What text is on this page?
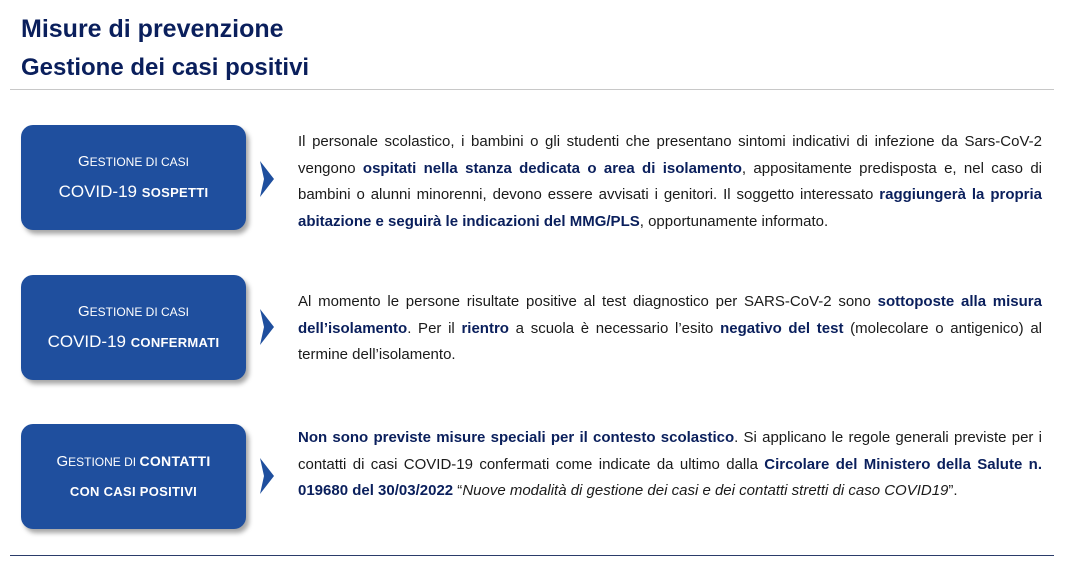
Misure di prevenzione
Gestione dei casi positivi
GESTIONE DI CASI
COVID-19 SOSPETTI
Il personale scolastico, i bambini o gli studenti che presentano sintomi indicativi di infezione da Sars-CoV-2 vengono ospitati nella stanza dedicata o area di isolamento, appositamente predisposta e, nel caso di bambini o alunni minorenni, devono essere avvisati i genitori. Il soggetto interessato raggiungerà la propria abitazione e seguirà le indicazioni del MMG/PLS, opportunamente informato.
GESTIONE DI CASI
COVID-19 CONFERMATI
Al momento le persone risultate positive al test diagnostico per SARS-CoV-2 sono sottoposte alla misura dell’isolamento. Per il rientro a scuola è necessario l’esito negativo del test (molecolare o antigenico) al termine dell’isolamento.
GESTIONE DI CONTATTI
CON CASI POSITIVI
Non sono previste misure speciali per il contesto scolastico. Si applicano le regole generali previste per i contatti di casi COVID-19 confermati come indicate da ultimo dalla Circolare del Ministero della Salute n. 019680 del 30/03/2022 “Nuove modalità di gestione dei casi e dei contatti stretti di caso COVID19”.
